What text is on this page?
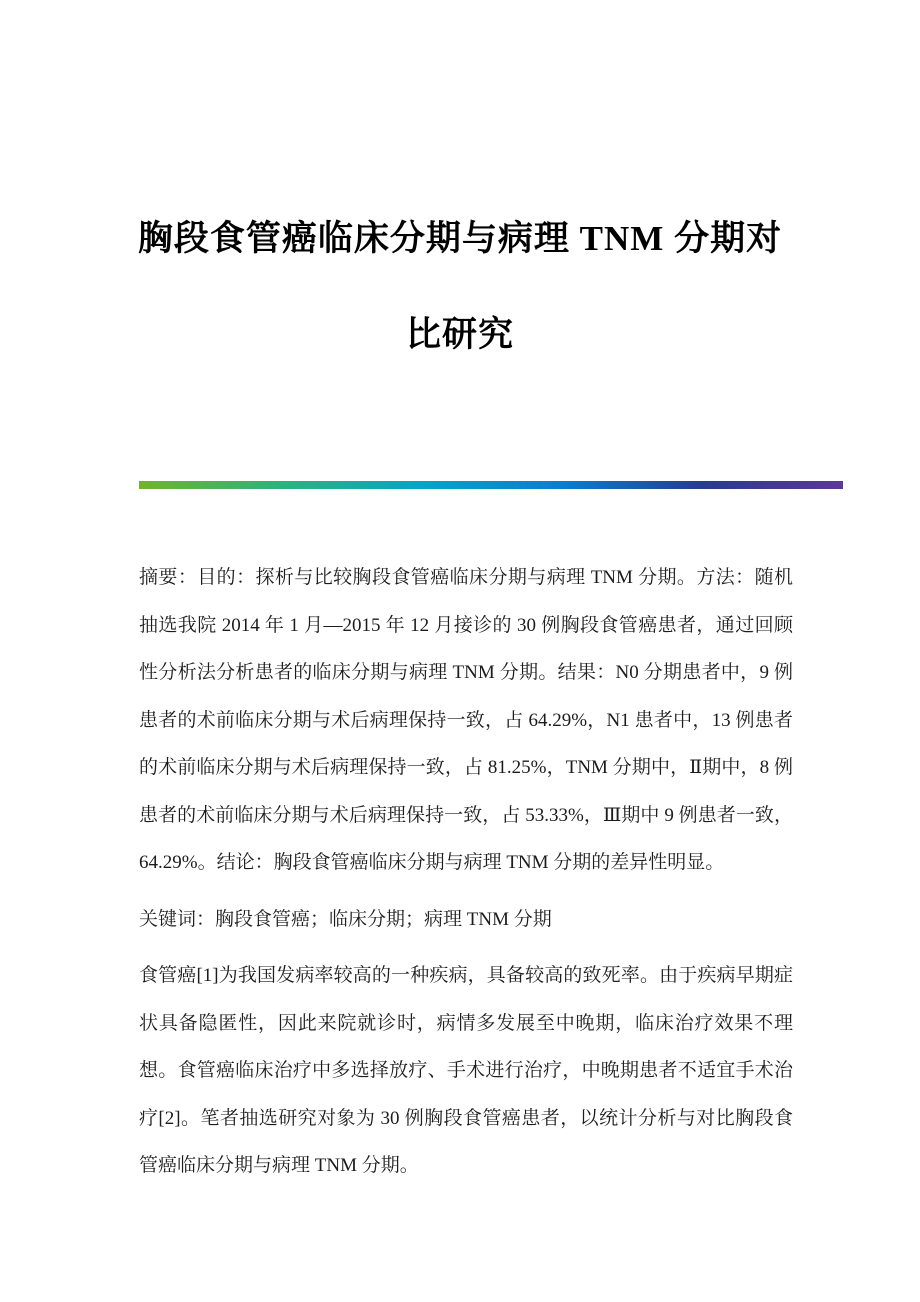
胸段食管癌临床分期与病理 TNM 分期对
比研究

摘要：目的：探析与比较胸段食管癌临床分期与病理 TNM 分期。方法：随机抽选我院 2014 年 1 月—2015 年 12 月接诊的 30 例胸段食管癌患者，通过回顾性分析法分析患者的临床分期与病理 TNM 分期。结果：N0 分期患者中，9 例患者的术前临床分期与术后病理保持一致，占 64.29%，N1 患者中，13 例患者的术前临床分期与术后病理保持一致，占 81.25%，TNM 分期中，Ⅱ期中，8 例患者的术前临床分期与术后病理保持一致，占 53.33%，Ⅲ期中 9 例患者一致，64.29%。结论：胸段食管癌临床分期与病理 TNM 分期的差异性明显。

关键词：胸段食管癌；临床分期；病理 TNM 分期

食管癌[1]为我国发病率较高的一种疾病，具备较高的致死率。由于疾病早期症状具备隐匿性，因此来院就诊时，病情多发展至中晚期，临床治疗效果不理想。食管癌临床治疗中多选择放疗、手术进行治疗，中晚期患者不适宜手术治疗[2]。笔者抽选研究对象为 30 例胸段食管癌患者，以统计分析与对比胸段食管癌临床分期与病理 TNM 分期。
